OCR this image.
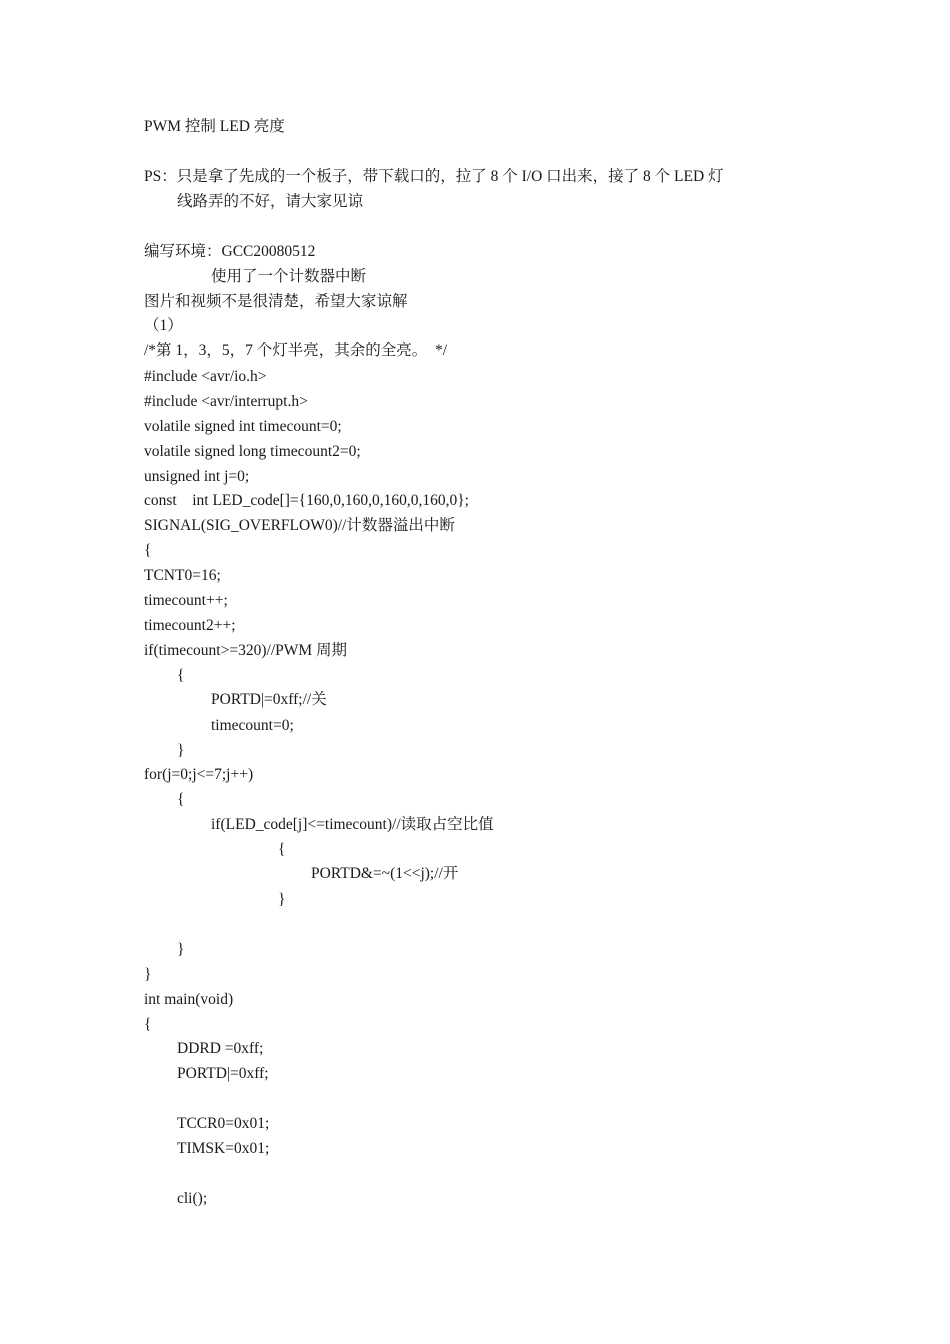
PWM 控制 LED 亮度
PS：只是拿了先成的一个板子，带下载口的，拉了 8 个 I/O 口出来，接了 8 个 LED 灯
线路弄的不好，请大家见谅
编写环境：GCC20080512
使用了一个计数器中断
图片和视频不是很清楚，希望大家谅解
（1）
/*第 1，3，5，7 个灯半亮，其余的全亮。  */
#include <avr/io.h>
#include <avr/interrupt.h>
volatile signed int timecount=0;
volatile signed long timecount2=0;
unsigned int j=0;
const    int LED_code[]={160,0,160,0,160,0,160,0};
SIGNAL(SIG_OVERFLOW0)//计数器溢出中断
{
TCNT0=16;
timecount++;
timecount2++;
if(timecount>=320)//PWM 周期
{
PORTD|=0xff;//关
timecount=0;
}
for(j=0;j<=7;j++)
{
if(LED_code[j]<=timecount)//读取占空比值
{
PORTD&=~(1<<j);//开
}
}
}
int main(void)
{
DDRD =0xff;
PORTD|=0xff;
TCCR0=0x01;
TIMSK=0x01;
cli();
